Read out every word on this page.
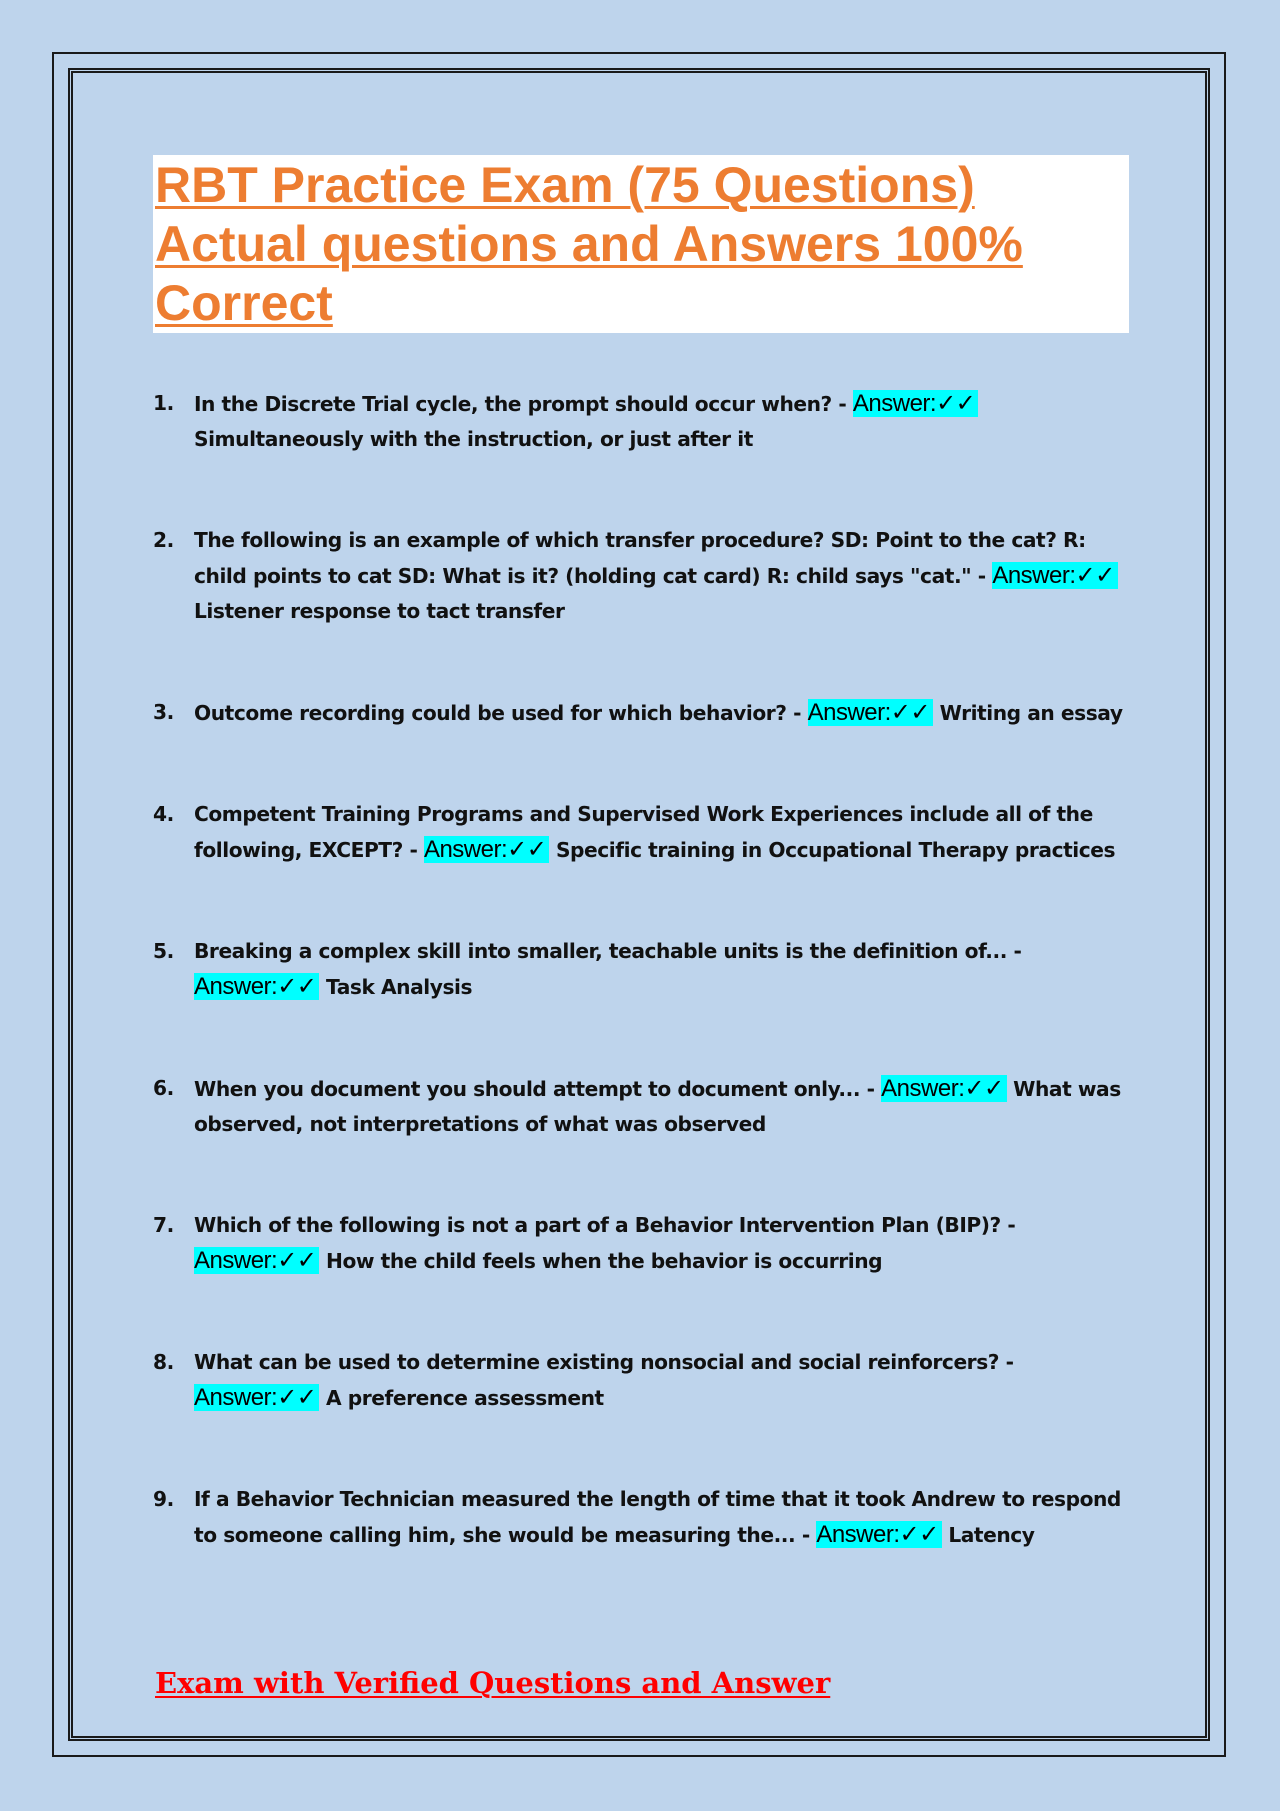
RBT Practice Exam (75 Questions) Actual questions and Answers 100% Correct
1. In the Discrete Trial cycle, the prompt should occur when? - Answer:✓✓ Simultaneously with the instruction, or just after it
2. The following is an example of which transfer procedure? SD: Point to the cat? R: child points to cat SD: What is it? (holding cat card) R: child says "cat." - Answer:✓✓ Listener response to tact transfer
3. Outcome recording could be used for which behavior? - Answer:✓✓ Writing an essay
4. Competent Training Programs and Supervised Work Experiences include all of the following, EXCEPT? - Answer:✓✓ Specific training in Occupational Therapy practices
5. Breaking a complex skill into smaller, teachable units is the definition of... - Answer:✓✓ Task Analysis
6. When you document you should attempt to document only... - Answer:✓✓ What was observed, not interpretations of what was observed
7. Which of the following is not a part of a Behavior Intervention Plan (BIP)? - Answer:✓✓ How the child feels when the behavior is occurring
8. What can be used to determine existing nonsocial and social reinforcers? - Answer:✓✓ A preference assessment
9. If a Behavior Technician measured the length of time that it took Andrew to respond to someone calling him, she would be measuring the... - Answer:✓✓ Latency

Exam with Verified Questions and Answer
